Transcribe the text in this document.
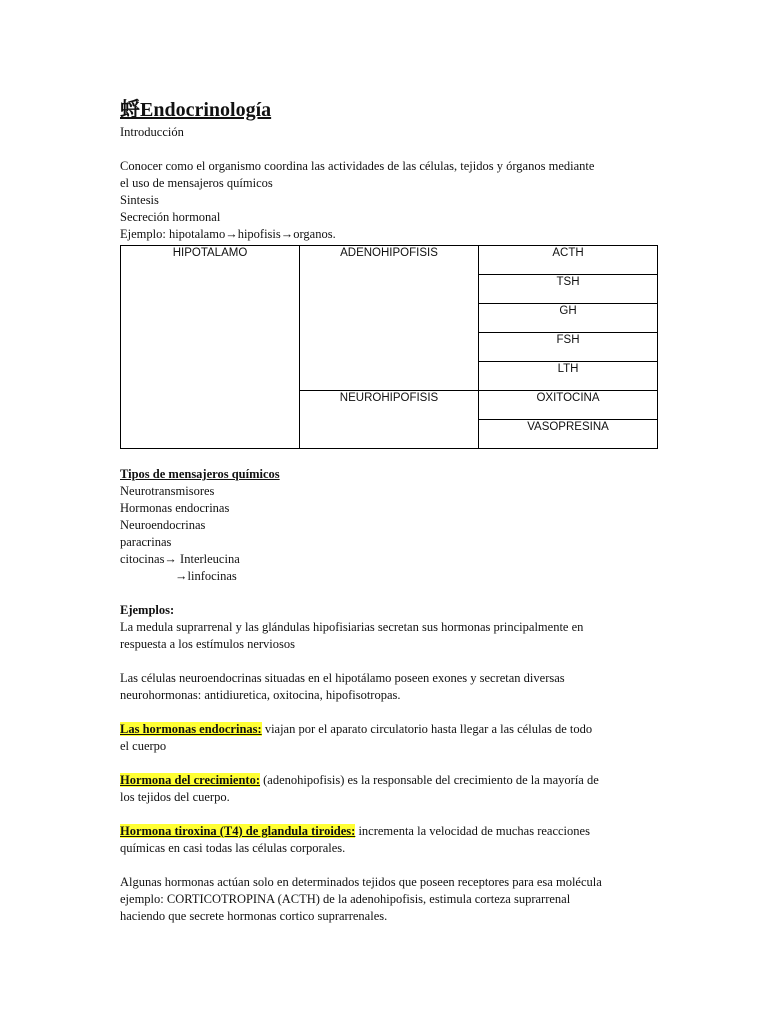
蛶Endocrinología

Introducción

Conocer como el organismo coordina las actividades de las células, tejidos y órganos mediante

el uso de mensajeros químicos

Sintesis

Secreción hormonal

Ejemplo: hipotalamo→hipofisis→organos.

HIPOTALAMO	ADENOHIPOFISIS	ACTH
		TSH
		GH
		FSH
		LTH
	NEUROHIPOFISIS	OXITOCINA
		VASOPRESINA

Tipos de mensajeros químicos

Neurotransmisores

Hormonas endocrinas

Neuroendocrinas

paracrinas

citocinas→ Interleucina

→linfocinas

Ejemplos:

La medula suprarrenal y las glándulas hipofisiarias secretan sus hormonas principalmente en

respuesta a los estímulos nerviosos

Las células neuroendocrinas situadas en el hipotálamo poseen exones y secretan diversas

neurohormonas: antidiuretica, oxitocina, hipofisotropas.

Las hormonas endocrinas: viajan por el aparato circulatorio hasta llegar a las células de todo

el cuerpo

Hormona del crecimiento: (adenohipofisis) es la responsable del crecimiento de la mayoría de

los tejidos del cuerpo.

Hormona tiroxina (T4) de glandula tiroides: incrementa la velocidad de muchas reacciones

químicas en casi todas las células corporales.

Algunas hormonas actúan solo en determinados tejidos que poseen receptores para esa molécula

ejemplo: CORTICOTROPINA (ACTH) de la adenohipofisis, estimula corteza suprarrenal

haciendo que secrete hormonas cortico suprarrenales.
